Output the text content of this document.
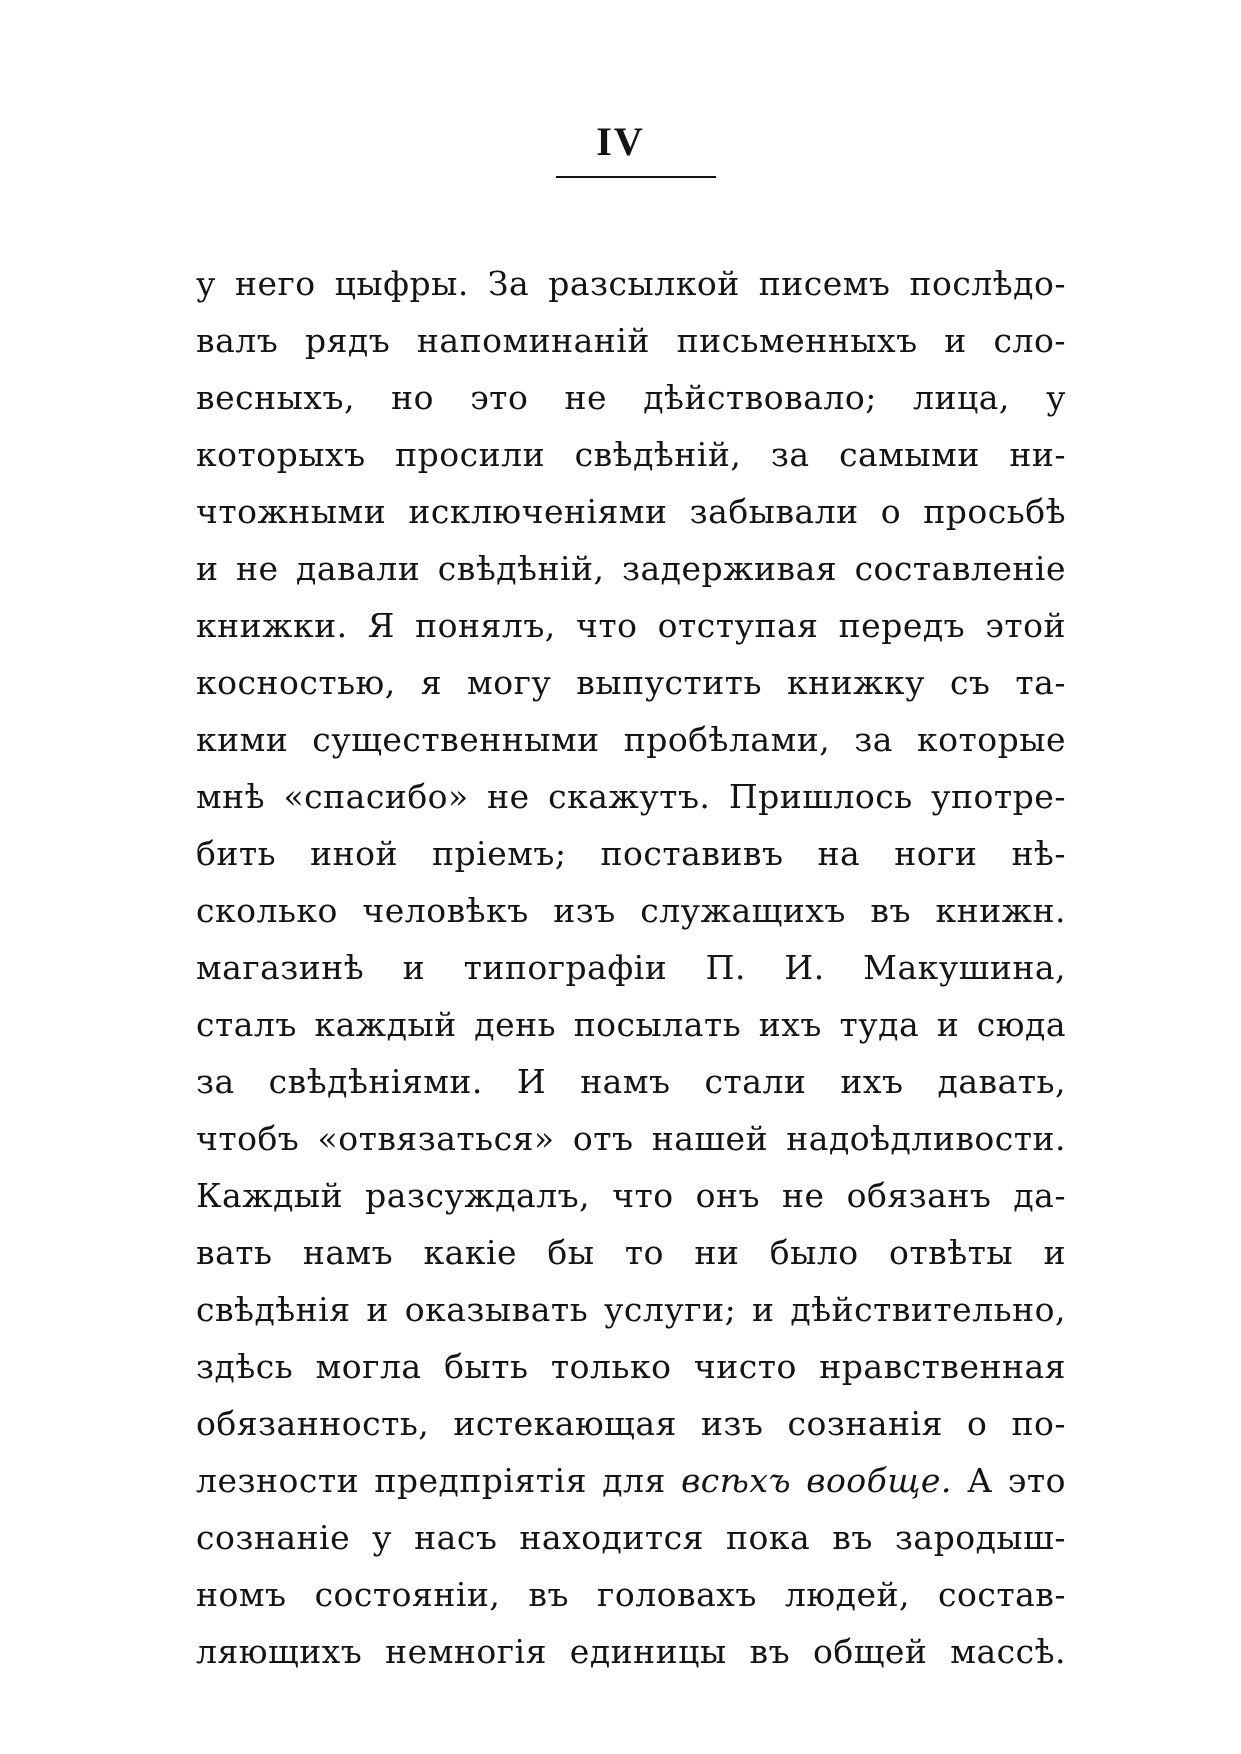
IV
у него цыфры. За разсылкой писемъ послѣдо-
валъ рядъ напоминаній письменныхъ и сло-
весныхъ, но это не дѣйствовало; лица, у
которыхъ просили свѣдѣній, за самыми ни-
чтожными исключеніями забывали о просьбѣ
и не давали свѣдѣній, задерживая составленіе
книжки. Я понялъ, что отступая передъ этой
косностью, я могу выпустить книжку съ та-
кими существенными пробѣлами, за которые
мнѣ «спасибо» не скажутъ. Пришлось употре-
бить иной пріемъ; поставивъ на ноги нѣ-
сколько человѣкъ изъ служащихъ въ книжн.
магазинѣ и типографіи П. И. Макушина,
сталъ каждый день посылать ихъ туда и сюда
за свѣдѣніями. И намъ стали ихъ давать,
чтобъ «отвязаться» отъ нашей надоѣдливости.
Каждый разсуждалъ, что онъ не обязанъ да-
вать намъ какіе бы то ни было отвѣты и
свѣдѣнія и оказывать услуги; и дѣйствительно,
здѣсь могла быть только чисто нравственная
обязанность, истекающая изъ сознанія о по-
лезности предпріятія для всѣхъ вообще. А это
сознаніе у насъ находится пока въ зародыш-
номъ состояніи, въ головахъ людей, состав-
ляющихъ немногія единицы въ общей массѣ.
